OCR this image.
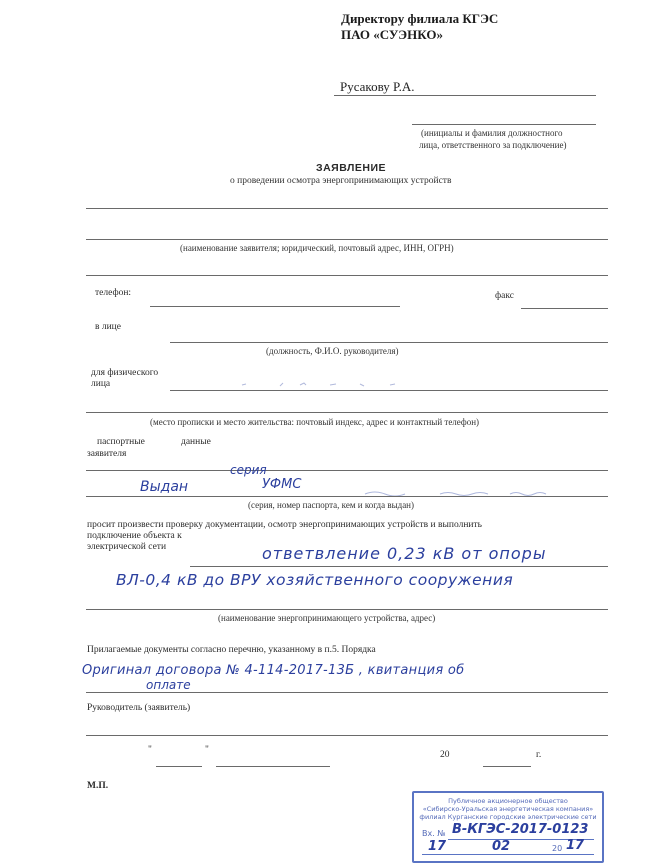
Директору филиала КГЭС
ПАО «СУЭНКО»
Русакову Р.А.
(инициалы и фамилия должностного
лица, ответственного за подключение)
ЗАЯВЛЕНИЕ
о проведении осмотра энергопринимающих устройств
(наименование заявителя; юридический, почтовый адрес, ИНН, ОГРН)
телефон:	факс
в лице
(должность, Ф.И.О. руководителя)
для физического
лица
(место прописки и место жительства: почтовый индекс, адрес и контактный телефон)
паспортные	данные
заявителя
серия
Выдан	УФМС
(серия, номер паспорта, кем и когда выдан)
просит произвести проверку документации, осмотр энергопринимающих устройств и выполнить
подключение объекта к
электрической сети	ответвление 0,23 кВ от опоры
ВЛ-0,4 кВ до ВРУ хозяйственного сооружения
(наименование энергопринимающего устройства, адрес)
Прилагаемые документы согласно перечню, указанному в п.5. Порядка
Оригинал договора № 4-114-2017-13Б , квитанция об
оплате
Руководитель (заявитель)
"	"	20	г.
М.П.
Публичное акционерное общество
«Сибирско-Уральская энергетическая компания»
филиал Курганские городские электрические сети
Вх. № В-КГЭС-2017-0123
17	02	20 17
